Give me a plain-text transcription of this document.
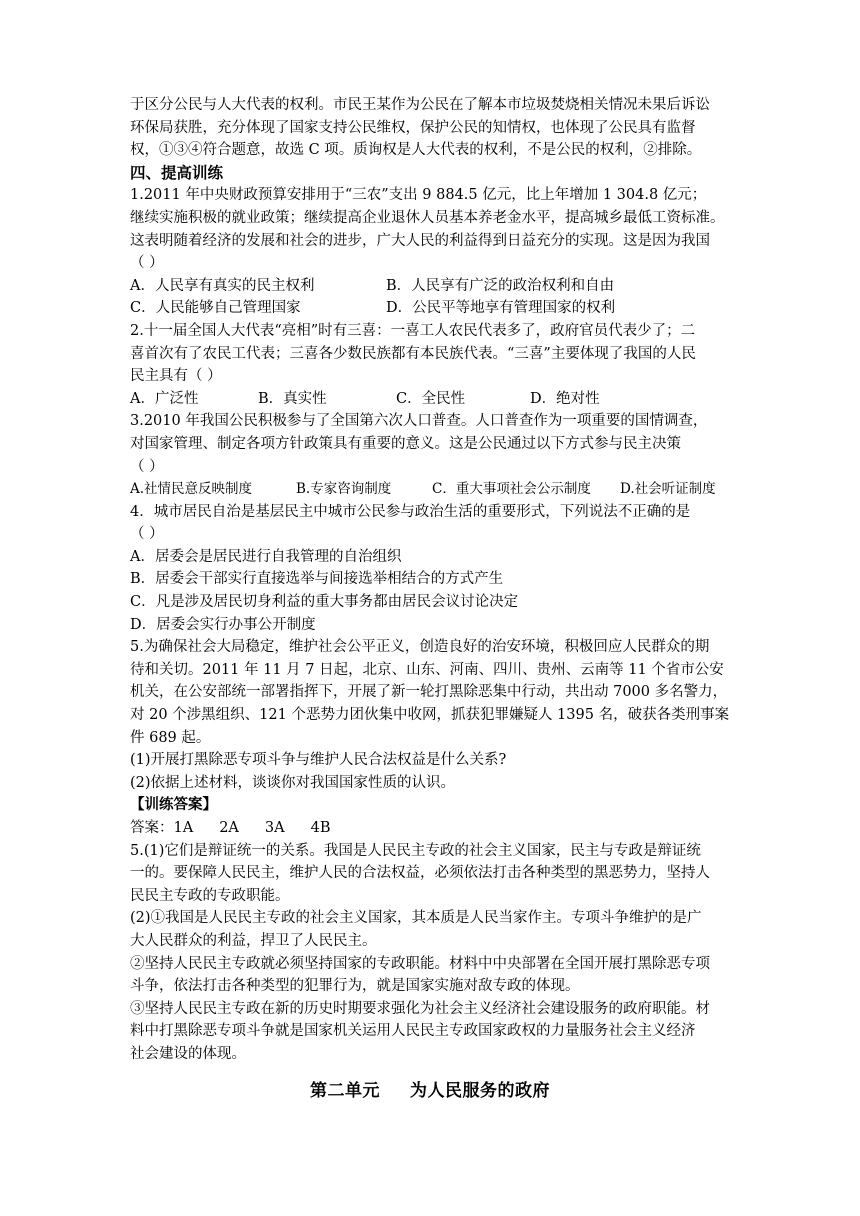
于区分公民与人大代表的权利。市民王某作为公民在了解本市垃圾焚烧相关情况未果后诉讼

环保局获胜，充分体现了国家支持公民维权，保护公民的知情权，也体现了公民具有监督

权，①③④符合题意，故选 C 项。质询权是人大代表的权利，不是公民的权利，②排除。

四、提高训练

1.2011 年中央财政预算安排用于“三农”支出 9 884.5 亿元，比上年增加 1 304.8 亿元；

继续实施积极的就业政策；继续提高企业退休人员基本养老金水平，提高城乡最低工资标准。

这表明随着经济的发展和社会的进步，广大人民的利益得到日益充分的实现。这是因为我国

（ ）

A．人民享有真实的民主权利	B．人民享有广泛的政治权利和自由
C．人民能够自己管理国家	D．公民平等地享有管理国家的权利

2.十一届全国人大代表“亮相”时有三喜：一喜工人农民代表多了，政府官员代表少了；二

喜首次有了农民工代表；三喜各少数民族都有本民族代表。“三喜”主要体现了我国的人民

民主具有（ ）

A．广泛性	B．真实性	C．全民性	D．绝对性

3.2010 年我国公民积极参与了全国第六次人口普查。人口普查作为一项重要的国情调查，

对国家管理、制定各项方针政策具有重要的意义。这是公民通过以下方式参与民主决策

（ ）

A.社情民意反映制度	B.专家咨询制度	C．重大事项社会公示制度	D.社会听证制度

4．城市居民自治是基层民主中城市公民参与政治生活的重要形式，下列说法不正确的是

（ ）

A．居委会是居民进行自我管理的自治组织

B．居委会干部实行直接选举与间接选举相结合的方式产生

C．凡是涉及居民切身利益的重大事务都由居民会议讨论决定

D．居委会实行办事公开制度

5.为确保社会大局稳定，维护社会公平正义，创造良好的治安环境，积极回应人民群众的期

待和关切。2011 年 11 月 7 日起，北京、山东、河南、四川、贵州、云南等 11 个省市公安

机关，在公安部统一部署指挥下，开展了新一轮打黑除恶集中行动，共出动 7000 多名警力，

对 20 个涉黑组织、121 个恶势力团伙集中收网，抓获犯罪嫌疑人 1395 名，破获各类刑事案

件 689 起。

(1)开展打黑除恶专项斗争与维护人民合法权益是什么关系?

(2)依据上述材料，谈谈你对我国国家性质的认识。

【训练答案】

答案：1A 2A 3A 4B

5.(1)它们是辩证统一的关系。我国是人民民主专政的社会主义国家，民主与专政是辩证统

一的。要保障人民民主，维护人民的合法权益，必须依法打击各种类型的黑恶势力，坚持人

民民主专政的专政职能。

(2)①我国是人民民主专政的社会主义国家，其本质是人民当家作主。专项斗争维护的是广

大人民群众的利益，捍卫了人民民主。

②坚持人民民主专政就必须坚持国家的专政职能。材料中中央部署在全国开展打黑除恶专项

斗争，依法打击各种类型的犯罪行为，就是国家实施对敌专政的体现。

③坚持人民民主专政在新的历史时期要求强化为社会主义经济社会建设服务的政府职能。材

料中打黑除恶专项斗争就是国家机关运用人民民主专政国家政权的力量服务社会主义经济

社会建设的体现。

第二单元 为人民服务的政府
